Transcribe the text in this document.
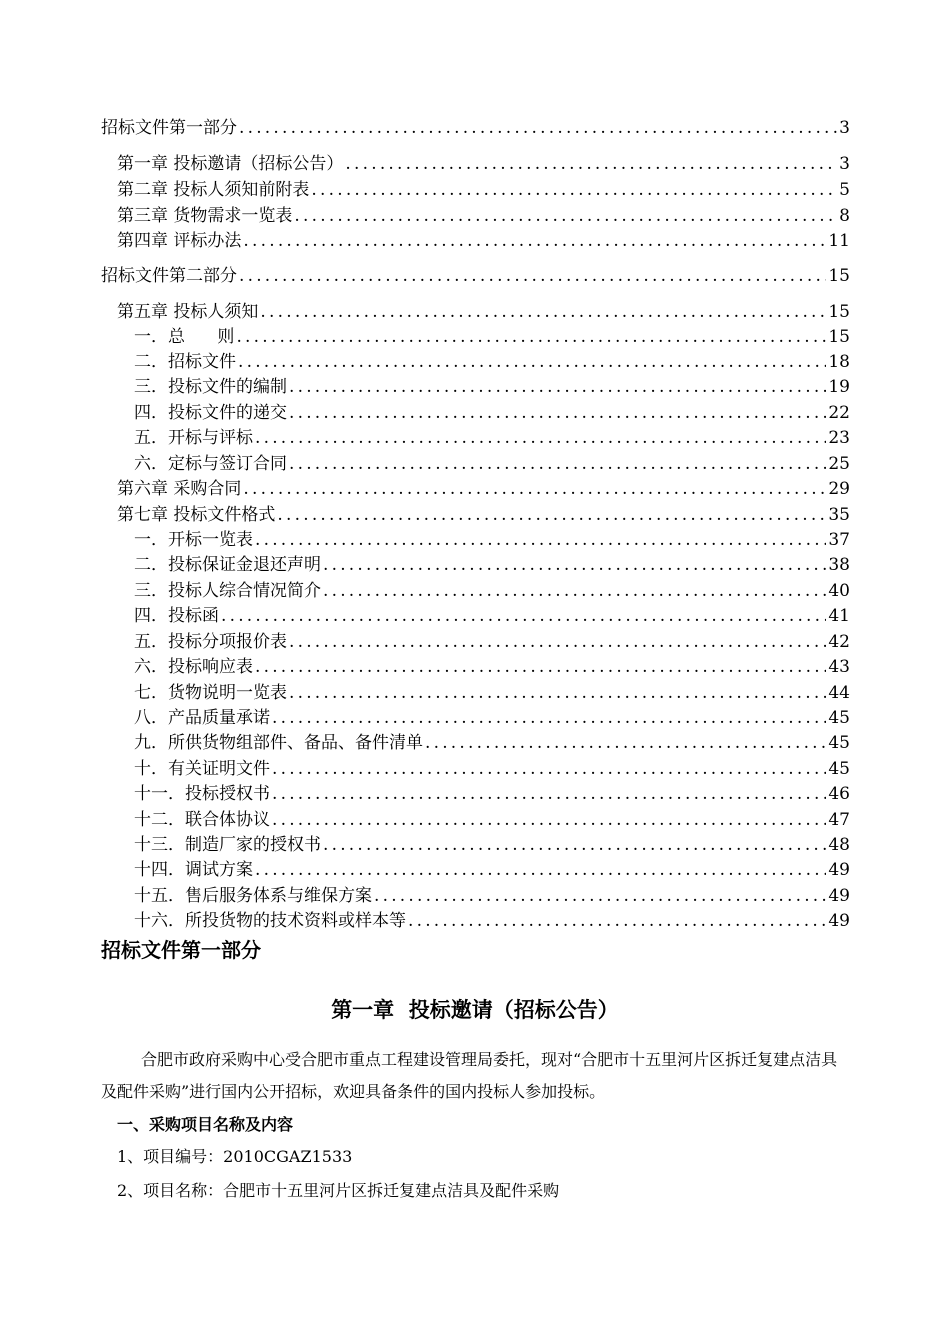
招标文件第一部分 .....	3
第一章 投标邀请（招标公告） .....	3
第二章 投标人须知前附表 .....	5
第三章 货物需求一览表 .....	8
第四章 评标办法 .....	11
招标文件第二部分 .....	15
第五章 投标人须知 .....	15
一．总      则 .....	15
二．招标文件 .....	18
三．投标文件的编制 .....	19
四．投标文件的递交 .....	22
五．开标与评标 .....	23
六．定标与签订合同 .....	25
第六章 采购合同 .....	29
第七章 投标文件格式 .....	35
一．开标一览表 .....	37
二．投标保证金退还声明 .....	38
三．投标人综合情况简介 .....	40
四．投标函 .....	41
五．投标分项报价表 .....	42
六．投标响应表 .....	43
七．货物说明一览表 .....	44
八．产品质量承诺 .....	45
九．所供货物组部件、备品、备件清单 .....	45
十．有关证明文件 .....	45
十一．投标授权书 .....	46
十二．联合体协议 .....	47
十三．制造厂家的授权书 .....	48
十四．调试方案 .....	49
十五．售后服务体系与维保方案 .....	49
十六．所投货物的技术资料或样本等 .....	49
招标文件第一部分
第一章  投标邀请（招标公告）
合肥市政府采购中心受合肥市重点工程建设管理局委托，现对“合肥市十五里河片区拆迁复建点洁具及配件采购”进行国内公开招标，欢迎具备条件的国内投标人参加投标。
一、采购项目名称及内容
1、项目编号：2010CGAZ1533
2、项目名称：合肥市十五里河片区拆迁复建点洁具及配件采购
